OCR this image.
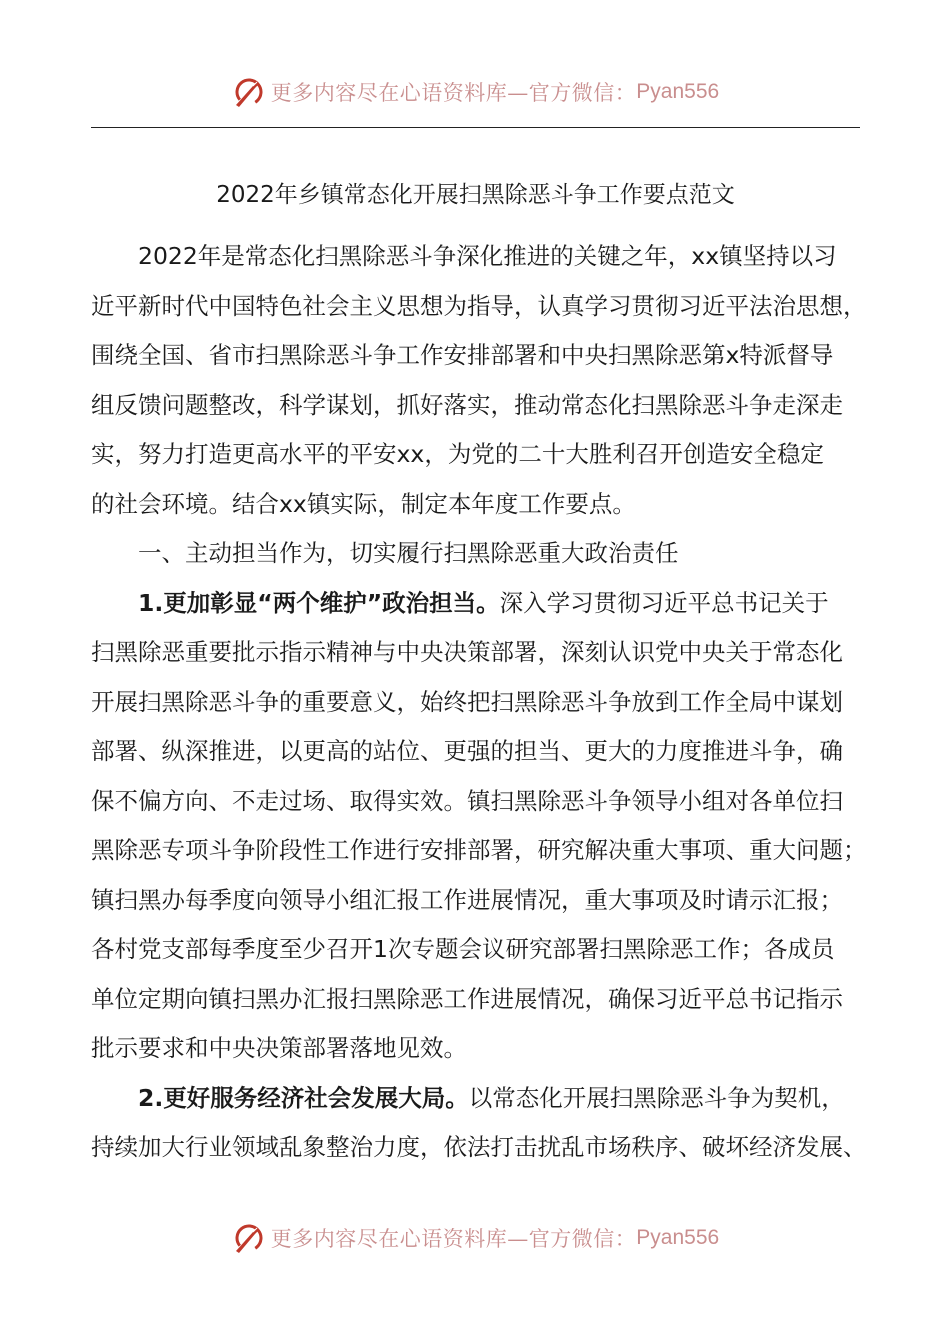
更多内容尽在心语资料库—官方微信： Pyan556
2022年乡镇常态化开展扫黑除恶斗争工作要点范文
2022年是常态化扫黑除恶斗争深化推进的关键之年，xx镇坚持以习
近平新时代中国特色社会主义思想为指导，认真学习贯彻习近平法治思想，
围绕全国、省市扫黑除恶斗争工作安排部署和中央扫黑除恶第x特派督导
组反馈问题整改，科学谋划，抓好落实，推动常态化扫黑除恶斗争走深走
实，努力打造更高水平的平安xx，为党的二十大胜利召开创造安全稳定
的社会环境。结合xx镇实际，制定本年度工作要点。
一、主动担当作为，切实履行扫黑除恶重大政治责任
1.更加彰显“两个维护”政治担当。深入学习贯彻习近平总书记关于
扫黑除恶重要批示指示精神与中央决策部署，深刻认识党中央关于常态化
开展扫黑除恶斗争的重要意义，始终把扫黑除恶斗争放到工作全局中谋划
部署、纵深推进，以更高的站位、更强的担当、更大的力度推进斗争，确
保不偏方向、不走过场、取得实效。镇扫黑除恶斗争领导小组对各单位扫
黑除恶专项斗争阶段性工作进行安排部署，研究解决重大事项、重大问题；
镇扫黑办每季度向领导小组汇报工作进展情况，重大事项及时请示汇报；
各村党支部每季度至少召开1次专题会议研究部署扫黑除恶工作；各成员
单位定期向镇扫黑办汇报扫黑除恶工作进展情况，确保习近平总书记指示
批示要求和中央决策部署落地见效。
2.更好服务经济社会发展大局。以常态化开展扫黑除恶斗争为契机，
持续加大行业领域乱象整治力度，依法打击扰乱市场秩序、破坏经济发展、
更多内容尽在心语资料库—官方微信： Pyan556
